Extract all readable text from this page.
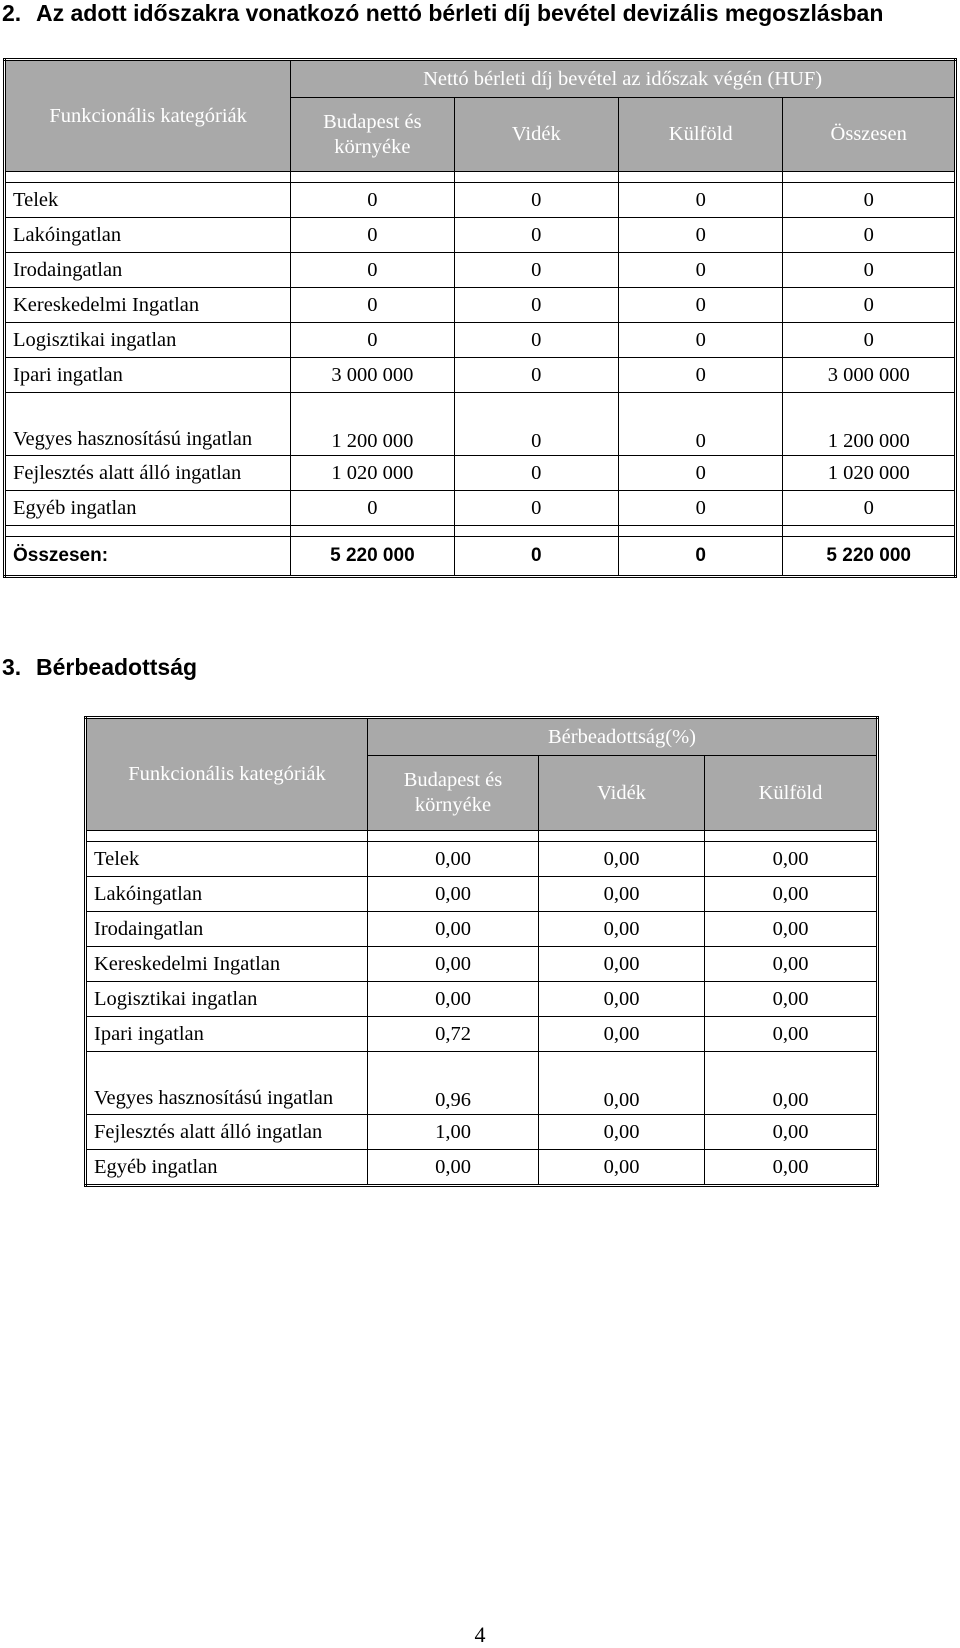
2. Az adott időszakra vonatkozó nettó bérleti díj bevétel devizális megoszlásban
Funkcionális kategóriák	Nettó bérleti díj bevétel az időszak végén (HUF)			
	Budapest és környéke	Vidék	Külföld	Összesen

Telek	0	0	0	0
Lakóingatlan	0	0	0	0
Irodaingatlan	0	0	0	0
Kereskedelmi Ingatlan	0	0	0	0
Logisztikai ingatlan	0	0	0	0
Ipari ingatlan	3 000 000	0	0	3 000 000
Vegyes hasznosítású ingatlan	1 200 000	0	0	1 200 000
Fejlesztés alatt álló ingatlan	1 020 000	0	0	1 020 000
Egyéb ingatlan	0	0	0	0

Összesen:	5 220 000	0	0	5 220 000
3. Bérbeadottság
Funkcionális kategóriák	Bérbeadottság(%)		
	Budapest és környéke	Vidék	Külföld

Telek	0,00	0,00	0,00
Lakóingatlan	0,00	0,00	0,00
Irodaingatlan	0,00	0,00	0,00
Kereskedelmi Ingatlan	0,00	0,00	0,00
Logisztikai ingatlan	0,00	0,00	0,00
Ipari ingatlan	0,72	0,00	0,00
Vegyes hasznosítású ingatlan	0,96	0,00	0,00
Fejlesztés alatt álló ingatlan	1,00	0,00	0,00
Egyéb ingatlan	0,00	0,00	0,00
4
